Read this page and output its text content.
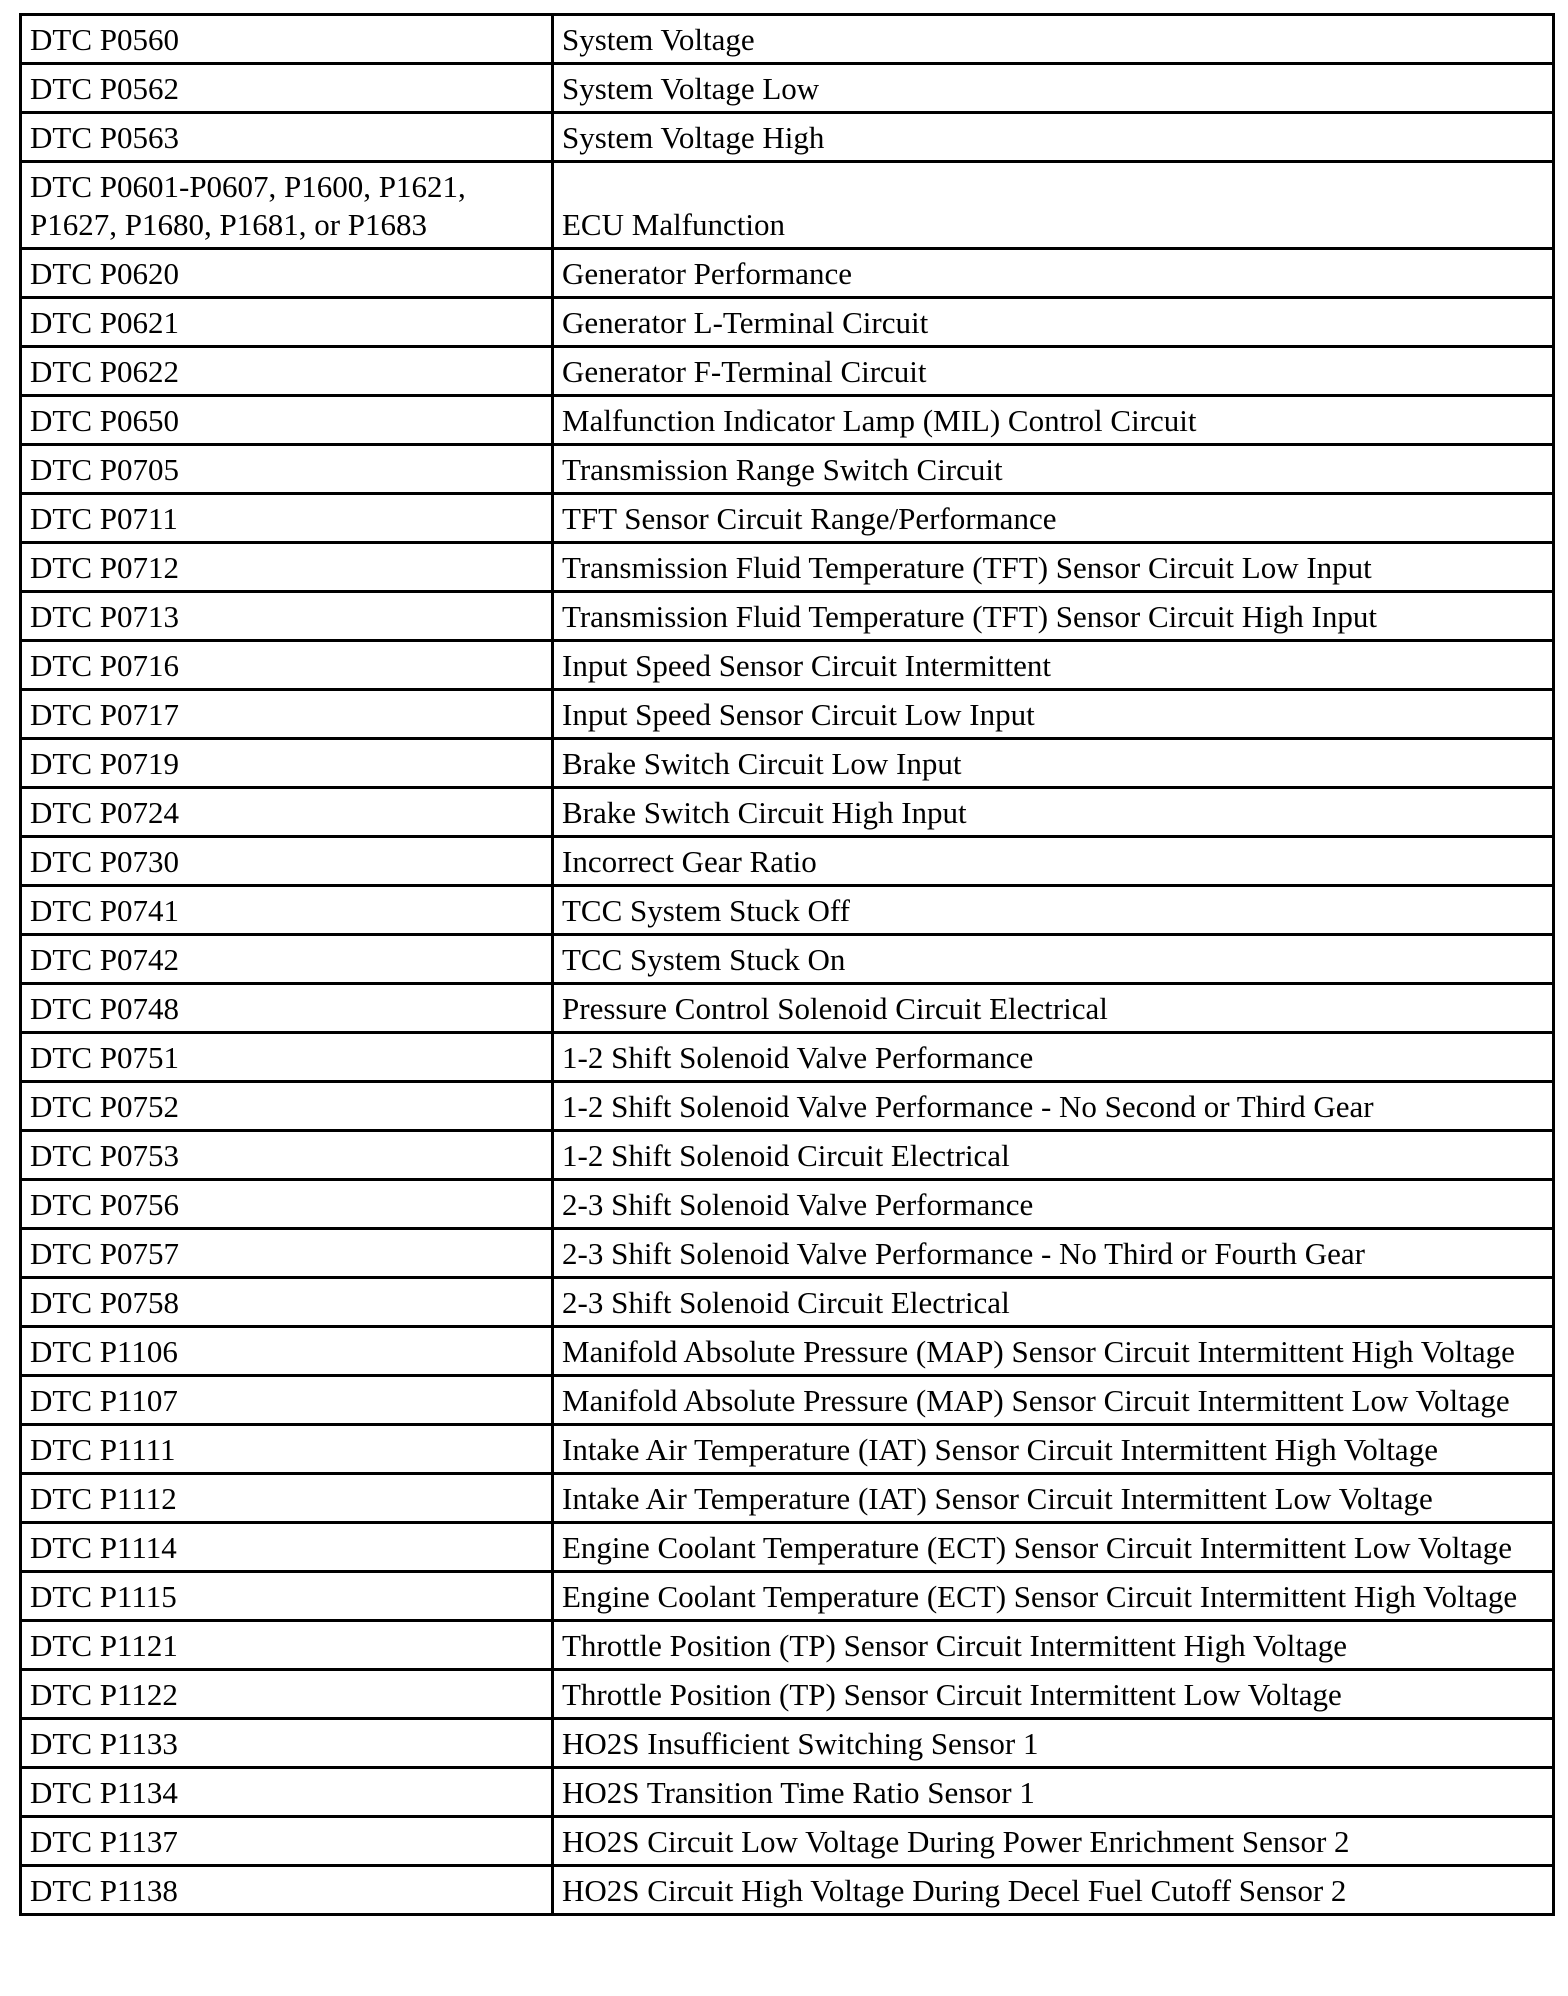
DTC P0560	System Voltage
DTC P0562	System Voltage Low
DTC P0563	System Voltage High
DTC P0601-P0607, P1600, P1621, P1627, P1680, P1681, or P1683	ECU Malfunction
DTC P0620	Generator Performance
DTC P0621	Generator L-Terminal Circuit
DTC P0622	Generator F-Terminal Circuit
DTC P0650	Malfunction Indicator Lamp (MIL) Control Circuit
DTC P0705	Transmission Range Switch Circuit
DTC P0711	TFT Sensor Circuit Range/Performance
DTC P0712	Transmission Fluid Temperature (TFT) Sensor Circuit Low Input
DTC P0713	Transmission Fluid Temperature (TFT) Sensor Circuit High Input
DTC P0716	Input Speed Sensor Circuit Intermittent
DTC P0717	Input Speed Sensor Circuit Low Input
DTC P0719	Brake Switch Circuit Low Input
DTC P0724	Brake Switch Circuit High Input
DTC P0730	Incorrect Gear Ratio
DTC P0741	TCC System Stuck Off
DTC P0742	TCC System Stuck On
DTC P0748	Pressure Control Solenoid Circuit Electrical
DTC P0751	1-2 Shift Solenoid Valve Performance
DTC P0752	1-2 Shift Solenoid Valve Performance - No Second or Third Gear
DTC P0753	1-2 Shift Solenoid Circuit Electrical
DTC P0756	2-3 Shift Solenoid Valve Performance
DTC P0757	2-3 Shift Solenoid Valve Performance - No Third or Fourth Gear
DTC P0758	2-3 Shift Solenoid Circuit Electrical
DTC P1106	Manifold Absolute Pressure (MAP) Sensor Circuit Intermittent High Voltage
DTC P1107	Manifold Absolute Pressure (MAP) Sensor Circuit Intermittent Low Voltage
DTC P1111	Intake Air Temperature (IAT) Sensor Circuit Intermittent High Voltage
DTC P1112	Intake Air Temperature (IAT) Sensor Circuit Intermittent Low Voltage
DTC P1114	Engine Coolant Temperature (ECT) Sensor Circuit Intermittent Low Voltage
DTC P1115	Engine Coolant Temperature (ECT) Sensor Circuit Intermittent High Voltage
DTC P1121	Throttle Position (TP) Sensor Circuit Intermittent High Voltage
DTC P1122	Throttle Position (TP) Sensor Circuit Intermittent Low Voltage
DTC P1133	HO2S Insufficient Switching Sensor 1
DTC P1134	HO2S Transition Time Ratio Sensor 1
DTC P1137	HO2S Circuit Low Voltage During Power Enrichment Sensor 2
DTC P1138	HO2S Circuit High Voltage During Decel Fuel Cutoff Sensor 2
